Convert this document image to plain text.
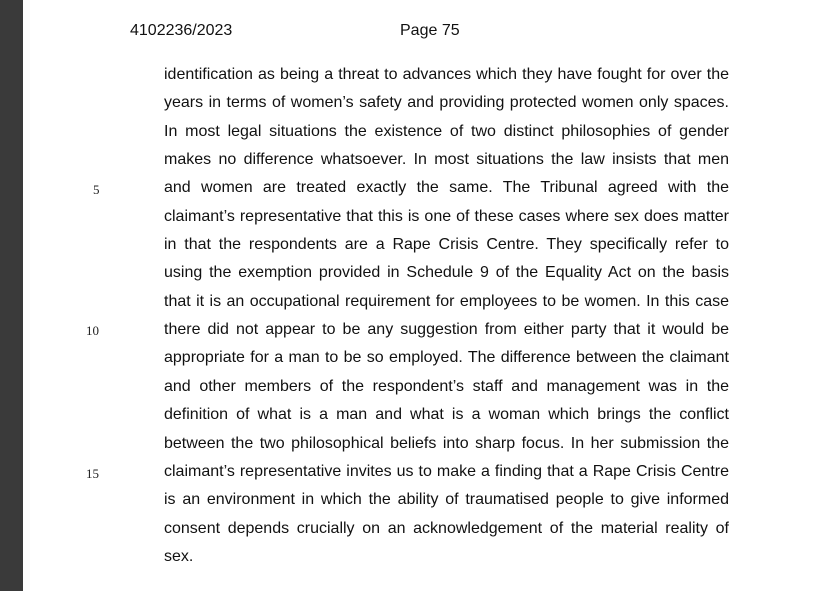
4102236/2023	Page 75
5
10
15
identification as being a threat to advances which they have fought for over the
years in terms of women’s safety and providing protected women only spaces.
In most legal situations the existence of two distinct philosophies of gender
makes no difference whatsoever. In most situations the law insists that men
and women are treated exactly the same. The Tribunal agreed with the
claimant’s representative that this is one of these cases where sex does matter
in that the respondents are a Rape Crisis Centre. They specifically refer to
using the exemption provided in Schedule 9 of the Equality Act on the basis
that it is an occupational requirement for employees to be women. In this case
there did not appear to be any suggestion from either party that it would be
appropriate for a man to be so employed. The difference between the claimant
and other members of the respondent’s staff and management was in the
definition of what is a man and what is a woman which brings the conflict
between the two philosophical beliefs into sharp focus. In her submission the
claimant’s representative invites us to make a finding that a Rape Crisis Centre
is an environment in which the ability of traumatised people to give informed
consent depends crucially on an acknowledgement of the material reality of
sex.
